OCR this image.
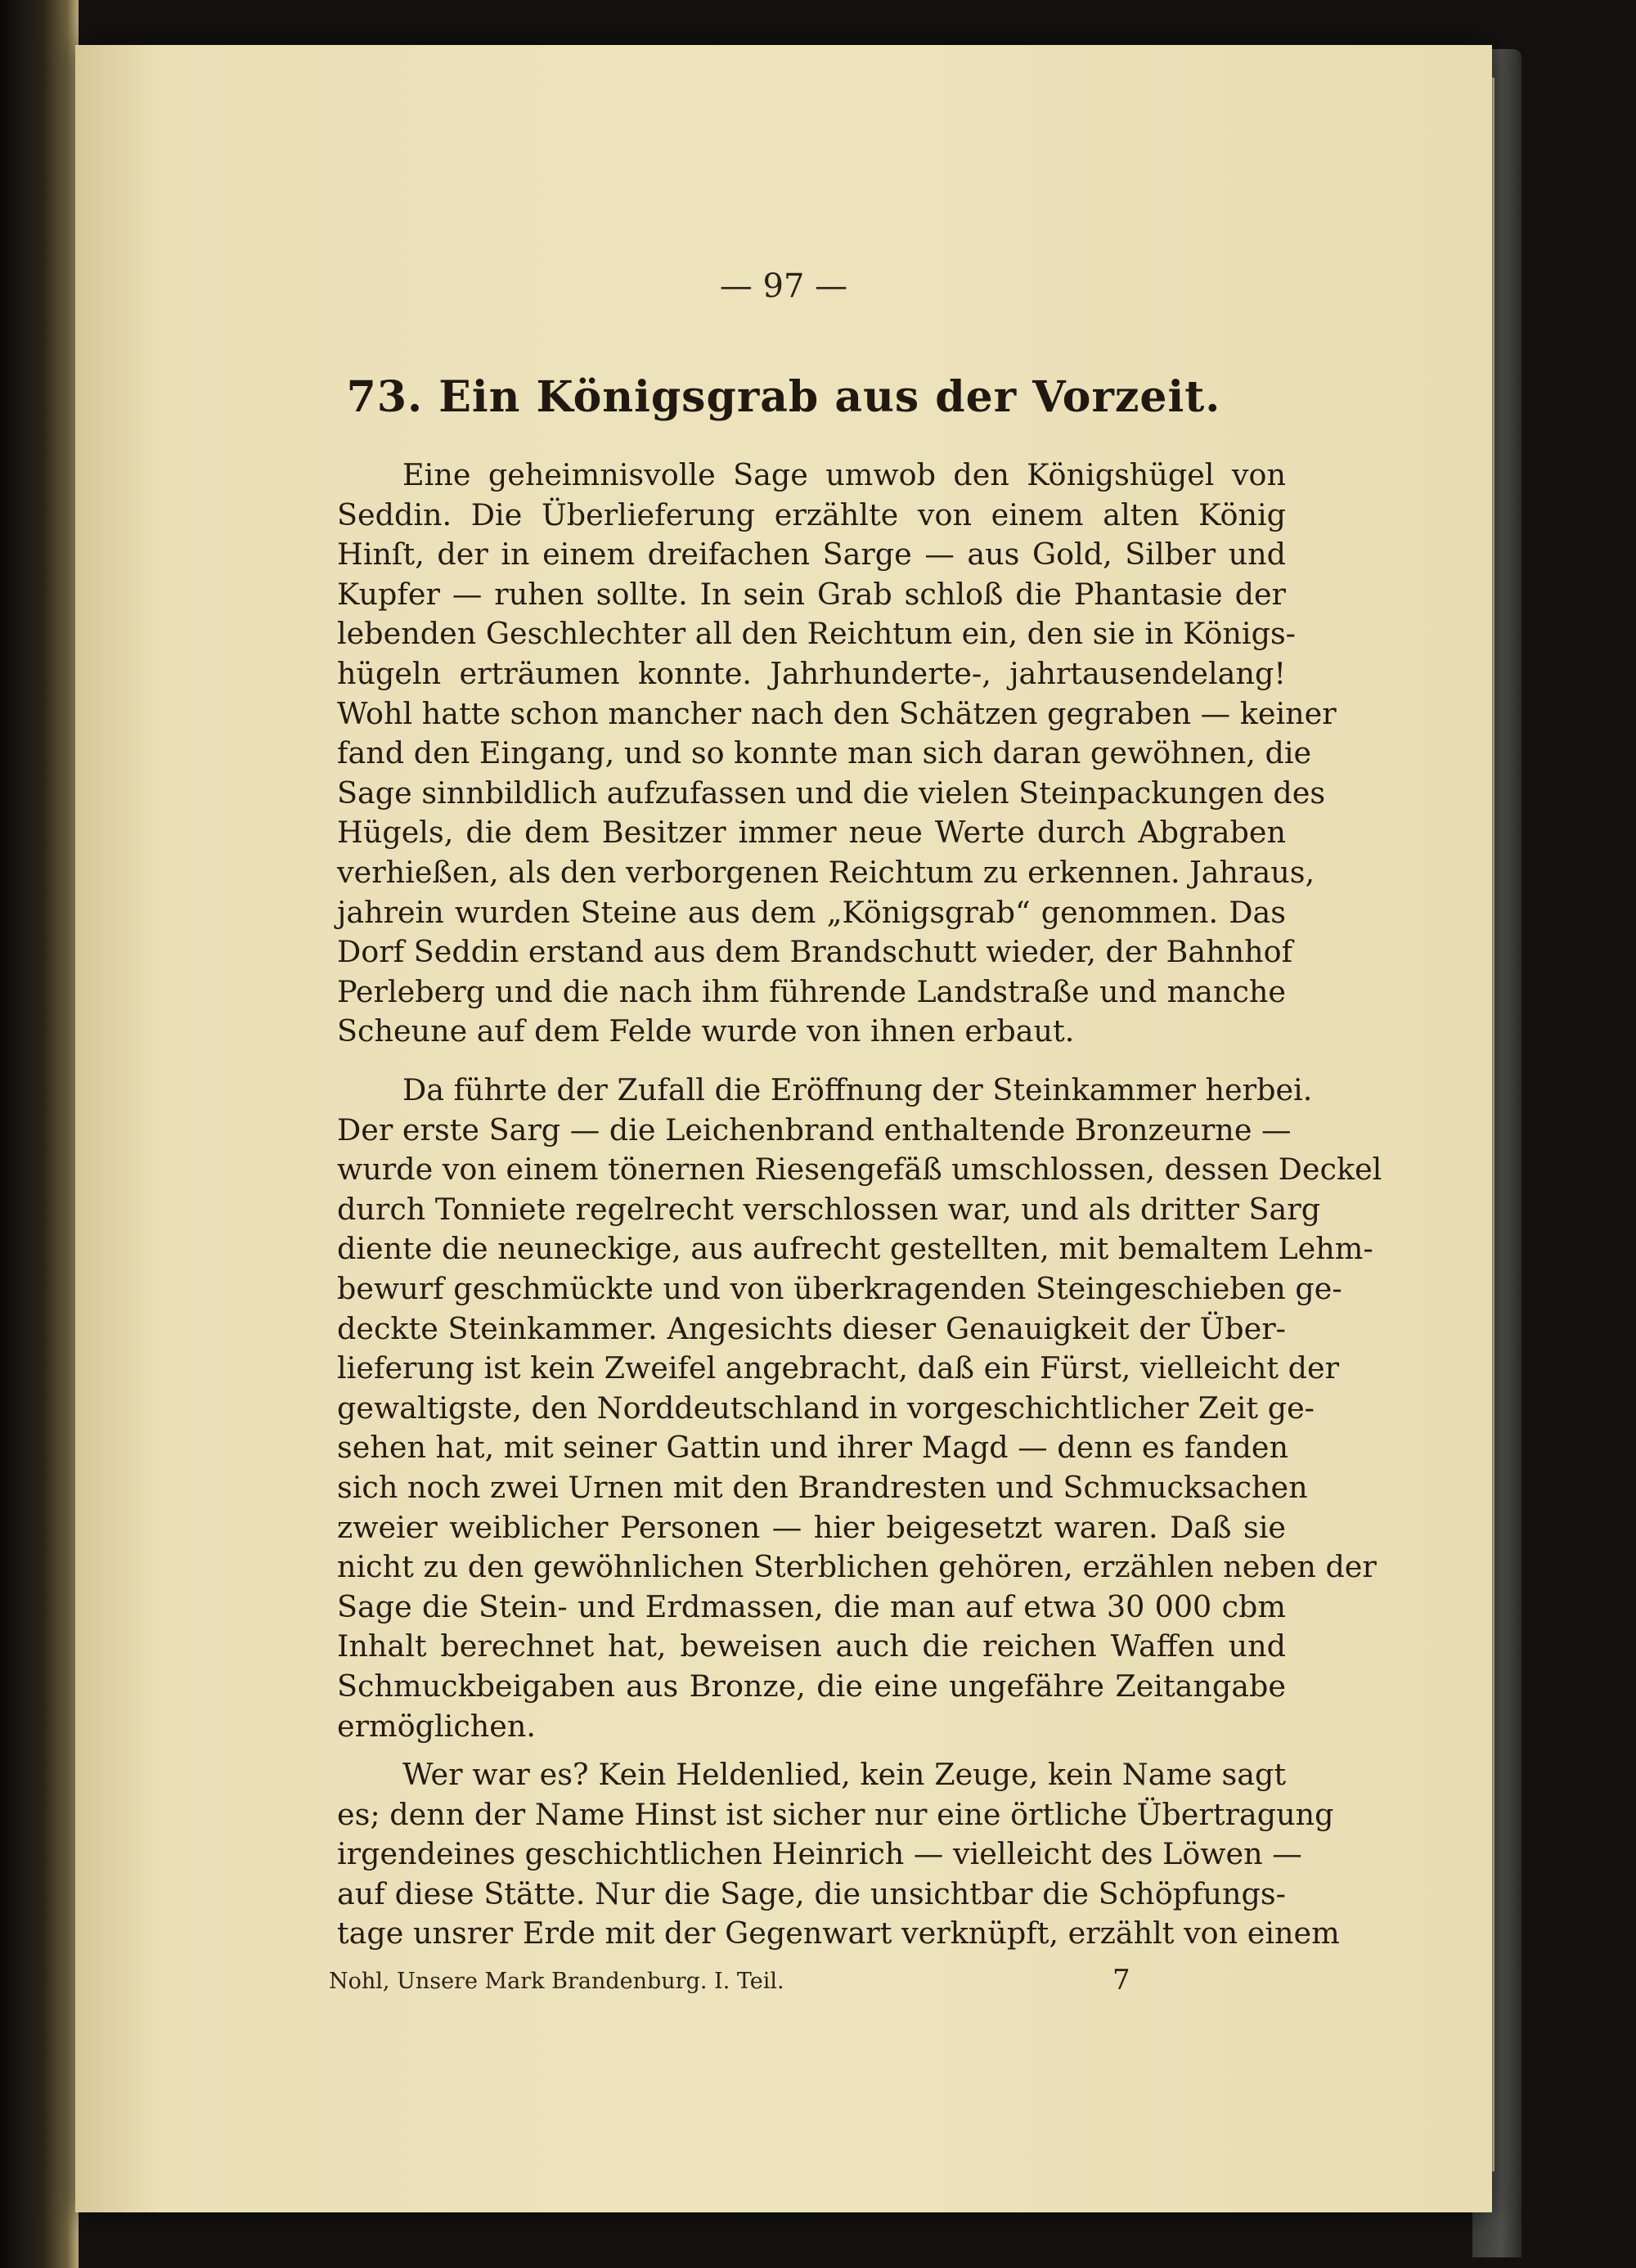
— 97 —
73. Ein Königsgrab aus der Vorzeit.
Eine geheimnisvolle Sage umwob den Königshügel von
Seddin. Die Überlieferung erzählte von einem alten König
Hinſt, der in einem dreifachen Sarge — aus Gold, Silber und
Kupfer — ruhen sollte. In sein Grab schloß die Phantasie der
lebenden Geschlechter all den Reichtum ein, den sie in Königs-
hügeln erträumen konnte. Jahrhunderte-, jahrtausendelang!
Wohl hatte schon mancher nach den Schätzen gegraben — keiner
fand den Eingang, und so konnte man sich daran gewöhnen, die
Sage sinnbildlich aufzufassen und die vielen Steinpackungen des
Hügels, die dem Besitzer immer neue Werte durch Abgraben
verhießen, als den verborgenen Reichtum zu erkennen. Jahraus,
jahrein wurden Steine aus dem „Königsgrab“ genommen. Das
Dorf Seddin erstand aus dem Brandschutt wieder, der Bahnhof
Perleberg und die nach ihm führende Landstraße und manche
Scheune auf dem Felde wurde von ihnen erbaut.
Da führte der Zufall die Eröffnung der Steinkammer herbei.
Der erste Sarg — die Leichenbrand enthaltende Bronzeurne —
wurde von einem tönernen Riesengefäß umschlossen, dessen Deckel
durch Tonniete regelrecht verschlossen war, und als dritter Sarg
diente die neuneckige, aus aufrecht gestellten, mit bemaltem Lehm-
bewurf geschmückte und von überkragenden Steingeschieben ge-
deckte Steinkammer. Angesichts dieser Genauigkeit der Über-
lieferung ist kein Zweifel angebracht, daß ein Fürst, vielleicht der
gewaltigste, den Norddeutschland in vorgeschichtlicher Zeit ge-
sehen hat, mit seiner Gattin und ihrer Magd — denn es fanden
sich noch zwei Urnen mit den Brandresten und Schmucksachen
zweier weiblicher Personen — hier beigesetzt waren. Daß sie
nicht zu den gewöhnlichen Sterblichen gehören, erzählen neben der
Sage die Stein- und Erdmassen, die man auf etwa 30 000 cbm
Inhalt berechnet hat, beweisen auch die reichen Waffen und
Schmuckbeigaben aus Bronze, die eine ungefähre Zeitangabe
ermöglichen.
Wer war es? Kein Heldenlied, kein Zeuge, kein Name sagt
es; denn der Name Hinst ist sicher nur eine örtliche Übertragung
irgendeines geschichtlichen Heinrich — vielleicht des Löwen —
auf diese Stätte. Nur die Sage, die unsichtbar die Schöpfungs-
tage unsrer Erde mit der Gegenwart verknüpft, erzählt von einem
Nohl, Unsere Mark Brandenburg. I. Teil.	7
